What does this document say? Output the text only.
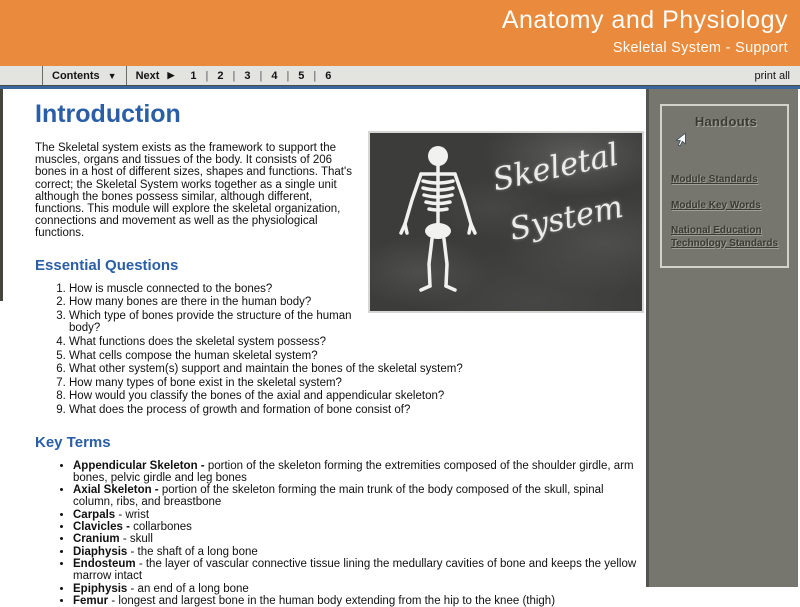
Anatomy and Physiology
Skeletal System - Support
Contents ▼ Next ▶ 1 | 2 | 3 | 4 | 5 | 6	print all
Introduction
Skeletal
System

The Skeletal system exists as the framework to support the muscles, organs and tissues of the body. It consists of 206 bones in a host of different sizes, shapes and functions. That's correct; the Skeletal System works together as a single unit although the bones possess similar, although different, functions. This module will explore the skeletal organization, connections and movement as well as the physiological functions.

Essential Questions
1. How is muscle connected to the bones?
2. How many bones are there in the human body?
3. Which type of bones provide the structure of the human body?
4. What functions does the skeletal system possess?
5. What cells compose the human skeletal system?
6. What other system(s) support and maintain the bones of the skeletal system?
7. How many types of bone exist in the skeletal system?
8. How would you classify the bones of the axial and appendicular skeleton?
9. What does the process of growth and formation of bone consist of?
Key Terms
• Appendicular Skeleton - portion of the skeleton forming the extremities composed of the shoulder girdle, arm bones, pelvic girdle and leg bones
• Axial Skeleton - portion of the skeleton forming the main trunk of the body composed of the skull, spinal column, ribs, and breastbone
• Carpals - wrist
• Clavicles - collarbones
• Cranium - skull
• Diaphysis - the shaft of a long bone
• Endosteum - the layer of vascular connective tissue lining the medullary cavities of bone and keeps the yellow marrow intact
• Epiphysis - an end of a long bone
• Femur - longest and largest bone in the human body extending from the hip to the knee (thigh)
Handouts
Module Standards
Module Key Words
National Education Technology Standards
